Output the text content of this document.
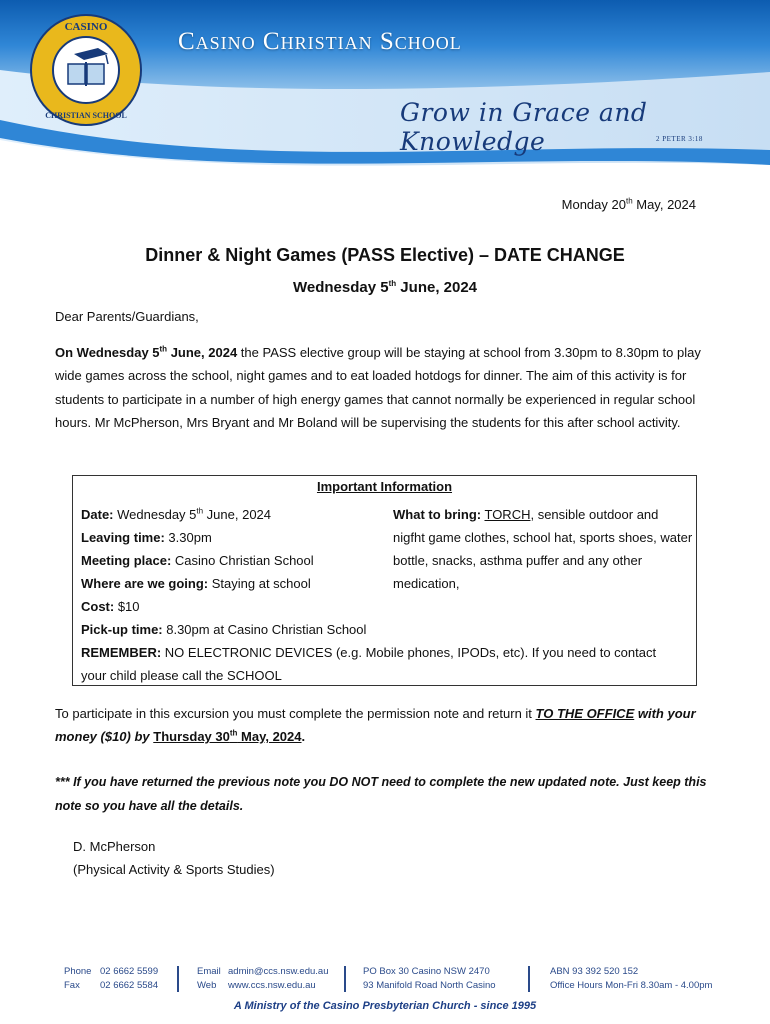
CASINO
CHRISTIAN SCHOOL
Casino Christian School

Grow in Grace and Knowledge	2 PETER 3:18

Monday 20th May, 2024
Dinner & Night Games (PASS Elective) – DATE CHANGE

Wednesday 5th June, 2024

Dear Parents/Guardians,

On Wednesday 5th June, 2024 the PASS elective group will be staying at school from 3.30pm to 8.30pm to play wide games across the school, night games and to eat loaded hotdogs for dinner. The aim of this activity is for students to participate in a number of high energy games that cannot normally be experienced in regular school hours. Mr McPherson, Mrs Bryant and Mr Boland will be supervising the students for this after school activity.

Important Information
Date: Wednesday 5th June, 2024
Leaving time: 3.30pm
Meeting place: Casino Christian School
Where are we going: Staying at school
What to bring: TORCH, sensible outdoor and nigfht game clothes, school hat, sports shoes, water bottle, snacks, asthma puffer and any other medication,
Cost: $10
Pick-up time: 8.30pm at Casino Christian School

REMEMBER: NO ELECTRONIC DEVICES (e.g. Mobile phones, IPODs, etc). If you need to contact your child please call the SCHOOL

To participate in this excursion you must complete the permission note and return it TO THE OFFICE with your money ($10) by Thursday 30th May, 2024.

*** If you have returned the previous note you DO NOT need to complete the new updated note. Just keep this note so you have all the details.

D. McPherson
(Physical Activity & Sports Studies)
Phone 02 6662 5599
Fax 02 6662 5584
Email admin@ccs.nsw.edu.au
Web www.ccs.nsw.edu.au
PO Box 30 Casino NSW 2470
93 Manifold Road North Casino
ABN 93 392 520 152
Office Hours Mon-Fri 8.30am - 4.00pm
A Ministry of the Casino Presbyterian Church - since 1995
